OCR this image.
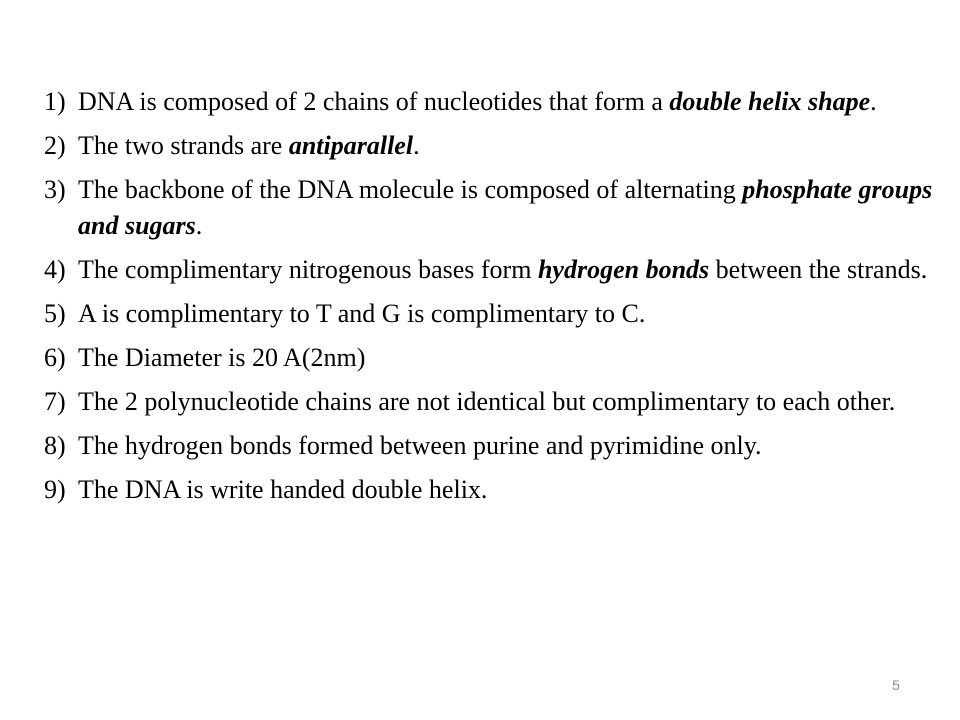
1) DNA is composed of 2 chains of nucleotides that form a double helix shape.
2) The two strands are antiparallel.
3) The backbone of the DNA molecule is composed of alternating phosphate groups and sugars.
4) The complimentary nitrogenous bases form hydrogen bonds between the strands.
5) A is complimentary to T and G is complimentary to C.
6) The Diameter is 20 A(2nm)
7) The 2 polynucleotide chains are not identical but complimentary to each other.
8) The hydrogen bonds formed between purine and pyrimidine only.
9) The DNA is write handed double helix.
5
